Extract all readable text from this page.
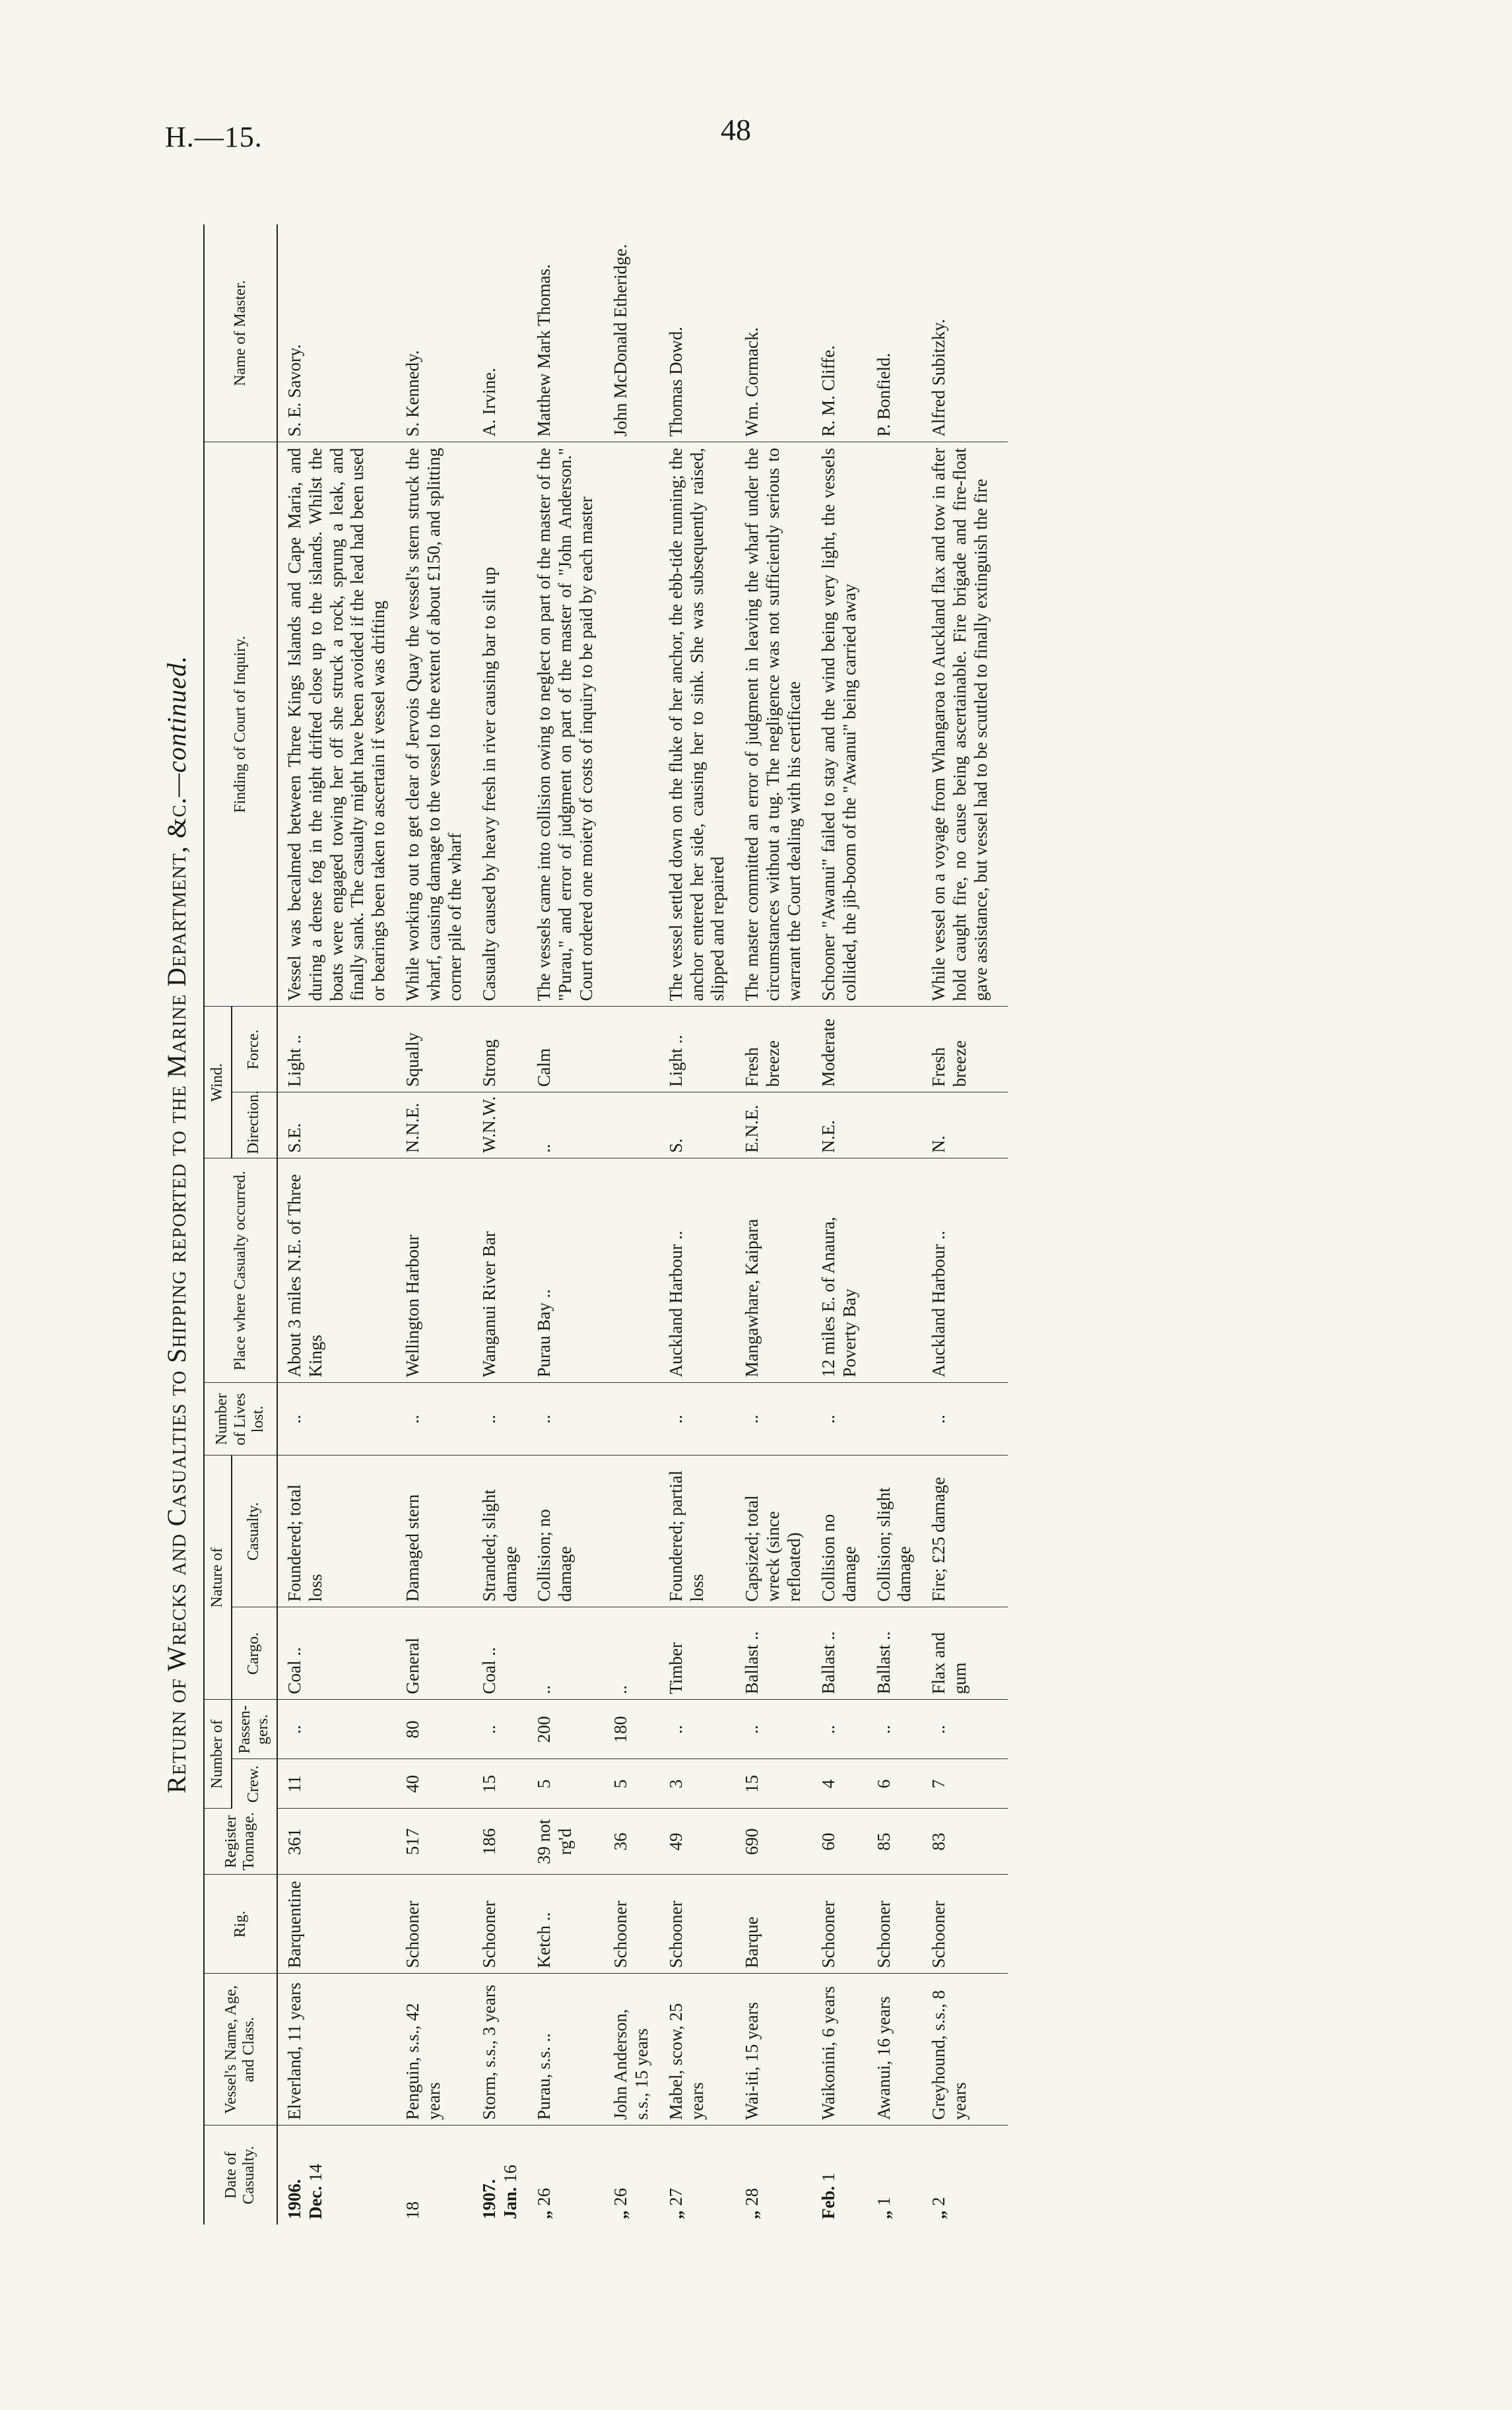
H.—15.	48
Return of Wrecks and Casualties to Shipping reported to the Marine Department, &c.—continued.
Date of Casualty.	Vessel's Name, Age, and Class.	Rig.	Register Tonnage.	Number of		Nature of		Number of Lives lost.	Place where Casualty occurred.	Wind.		Finding of Court of Inquiry.	Name of Master.
				Crew.	Passen-gers.	Cargo.	Casualty.			Direction.	Force.		

1906. Dec. 14	Elverland, 11 years	Barquentine	361	11	..	Coal ..	Foundered; total loss	..	About 3 miles N.E. of Three Kings	S.E.	Light ..	Vessel was becalmed between Three Kings Islands and Cape Maria, and during a dense fog in the night drifted close up to the islands. Whilst the boats were engaged towing her off she struck a rock, sprung a leak, and finally sank. The casualty might have been avoided if the lead had been used or bearings been taken to ascertain if vessel was drifting	S. E. Savory.

18	Penguin, s.s., 42 years	Schooner	517	40	80	General	Damaged stern	..	Wellington Harbour	N.N.E.	Squally	While working out to get clear of Jervois Quay the vessel's stern struck the wharf, causing damage to the vessel to the extent of about £150, and splitting corner pile of the wharf	S. Kennedy.

1907. Jan. 16	Storm, s.s., 3 years	Schooner	186	15	..	Coal ..	Stranded; slight damage	..	Wanganui River Bar	W.N.W.	Strong	Casualty caused by heavy fresh in river causing bar to silt up	A. Irvine.

„ 26	Purau, s.s. ..	Ketch ..	39 not rg'd	5	200	..	Collision; no damage	..	Purau Bay ..	..	Calm	The vessels came into collision owing to neglect on part of the master of the "Purau," and error of judgment on part of the master of "John Anderson." Court ordered one moiety of costs of inquiry to be paid by each master	Matthew Mark Thomas.

„ 26	John Anderson, s.s., 15 years	Schooner	36	5	180	..							John McDonald Etheridge.

„ 27	Mabel, scow, 25 years	Schooner	49	3	..	Timber	Foundered; partial loss	..	Auckland Harbour ..	S.	Light ..	The vessel settled down on the fluke of her anchor, the ebb-tide running; the anchor entered her side, causing her to sink. She was subsequently raised, slipped and repaired	Thomas Dowd.

„ 28	Wai-iti, 15 years	Barque	690	15	..	Ballast ..	Capsized; total wreck (since refloated)	..	Mangawhare, Kaipara	E.N.E.	Fresh breeze	The master committed an error of judgment in leaving the wharf under the circumstances without a tug. The negligence was not sufficiently serious to warrant the Court dealing with his certificate	Wm. Cormack.

Feb. 1	Waikonini, 6 years	Schooner	60	4	..	Ballast ..	Collision no damage	..	12 miles E. of Anaura, Poverty Bay	N.E.	Moderate	Schooner "Awanui" failed to stay and the wind being very light, the vessels collided, the jib-boom of the "Awanui" being carried away	R. M. Cliffe.

„ 1	Awanui, 16 years	Schooner	85	6	..	Ballast ..	Collision; slight damage						P. Bonfield.

„ 2	Greyhound, s.s., 8 years	Schooner	83	7	..	Flax and gum	Fire; £25 damage	..	Auckland Harbour ..	N.	Fresh breeze	While vessel on a voyage from Whangaroa to Auckland flax and tow in after hold caught fire, no cause being ascertainable. Fire brigade and fire-float gave assistance, but vessel had to be scuttled to finally extinguish the fire	Alfred Subitzky.
